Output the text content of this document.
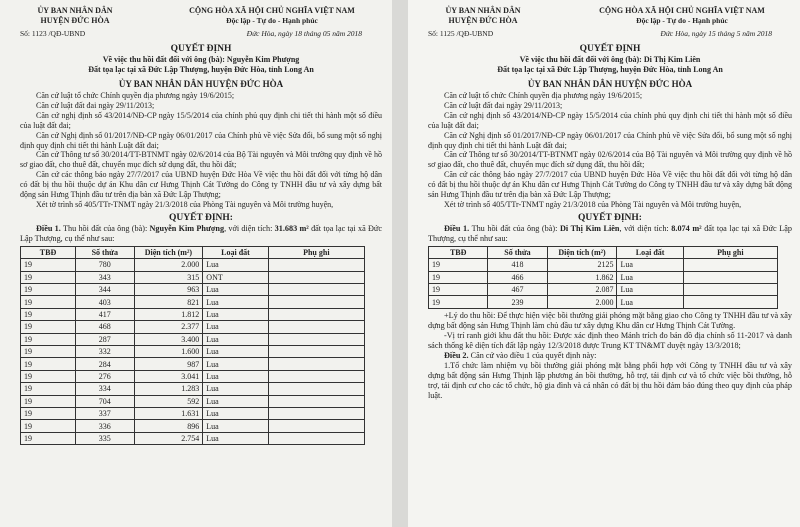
ỦY BAN NHÂN DÂN
HUYỆN ĐỨC HÒA
CỘNG HÒA XÃ HỘI CHỦ NGHĨA VIỆT NAM
Độc lập - Tự do - Hạnh phúc
Số: 1123 /QĐ-UBND	Đức Hòa, ngày 18 tháng 05 năm 2018
QUYẾT ĐỊNH
Về việc thu hồi đất đối với ông (bà): Nguyễn Kim Phượng
Đất tọa lạc tại xã Đức Lập Thượng, huyện Đức Hòa, tỉnh Long An
ỦY BAN NHÂN DÂN HUYỆN ĐỨC HÒA

Căn cứ luật tổ chức Chính quyền địa phương ngày 19/6/2015;

Căn cứ luật đất đai ngày 29/11/2013;

Căn cứ nghị định số 43/2014/NĐ-CP ngày 15/5/2014 của chính phủ quy định chi tiết thi hành một số điều của luật đất đai;

Căn cứ Nghị định số 01/2017/NĐ-CP ngày 06/01/2017 của Chính phủ về việc Sửa đổi, bổ sung một số nghị định quy định chi tiết thi hành Luật đất đai;

Căn cứ Thông tư số 30/2014/TT-BTNMT ngày 02/6/2014 của Bộ Tài nguyên và Môi trường quy định về hồ sơ giao đất, cho thuê đất, chuyển mục đích sử dụng đất, thu hồi đất;

Căn cứ các thông báo ngày 27/7/2017 của UBND huyện Đức Hòa Về việc thu hồi đất đối với từng hộ dân có đất bị thu hồi thuộc dự án Khu dân cư Hưng Thịnh Cát Tường do Công ty TNHH đầu tư và xây dựng bất động sản Hưng Thịnh đầu tư trên địa bàn xã Đức Lập Thượng;

Xét tờ trình số 405/TTr-TNMT ngày 21/3/2018 của Phòng Tài nguyên và Môi trường huyện,

QUYẾT ĐỊNH:

Điều 1. Thu hồi đất của ông (bà): Nguyễn Kim Phượng, với diện tích: 31.683 m² đất tọa lạc tại xã Đức Lập Thượng, cụ thể như sau:

TBĐ	Số thửa	Diện tích (m²)	Loại đất	Phụ ghi
19	780	2.000	Lua	
19	343	315	ONT	
19	344	963	Lua	
19	403	821	Lua	
19	417	1.812	Lua	
19	468	2.377	Lua	
19	287	3.400	Lua	
19	332	1.600	Lua	
19	284	987	Lua	
19	276	3.041	Lua	
19	334	1.283	Lua	
19	704	592	Lua	
19	337	1.631	Lua	
19	336	896	Lua	
19	335	2.754	Lua	
ỦY BAN NHÂN DÂN
HUYỆN ĐỨC HÒA
CỘNG HÒA XÃ HỘI CHỦ NGHĨA VIỆT NAM
Độc lập - Tự do - Hạnh phúc
Số: 1125 /QĐ-UBND	Đức Hòa, ngày 15 tháng 5 năm 2018
QUYẾT ĐỊNH
Về việc thu hồi đất đối với ông (bà): Di Thị Kim Liên
Đất tọa lạc tại xã Đức Lập Thượng, huyện Đức Hòa, tỉnh Long An
ỦY BAN NHÂN DÂN HUYỆN ĐỨC HÒA

Căn cứ luật tổ chức Chính quyền địa phương ngày 19/6/2015;

Căn cứ luật đất đai ngày 29/11/2013;

Căn cứ nghị định số 43/2014/NĐ-CP ngày 15/5/2014 của chính phủ quy định chi tiết thi hành một số điều của luật đất đai;

Căn cứ Nghị định số 01/2017/NĐ-CP ngày 06/01/2017 của Chính phủ về việc Sửa đổi, bổ sung một số nghị định quy định chi tiết thi hành Luật đất đai;

Căn cứ Thông tư số 30/2014/TT-BTNMT ngày 02/6/2014 của Bộ Tài nguyên và Môi trường quy định về hồ sơ giao đất, cho thuê đất, chuyển mục đích sử dụng đất, thu hồi đất;

Căn cứ các thông báo ngày 27/7/2017 của UBND huyện Đức Hòa Về việc thu hồi đất đối với từng hộ dân có đất bị thu hồi thuộc dự án Khu dân cư Hưng Thịnh Cát Tường do Công ty TNHH đầu tư và xây dựng bất động sản Hưng Thịnh đầu tư trên địa bàn xã Đức Lập Thượng;

Xét tờ trình số 405/TTr-TNMT ngày 21/3/2018 của Phòng Tài nguyên và Môi trường huyện,

QUYẾT ĐỊNH:

Điều 1. Thu hồi đất của ông (bà): Di Thị Kim Liên, với diện tích: 8.074 m² đất tọa lạc tại xã Đức Lập Thượng, cụ thể như sau:

TBĐ	Số thửa	Diện tích (m²)	Loại đất	Phụ ghi
19	418	2125	Lua	
19	466	1.862	Lua	
19	467	2.087	Lua	
19	239	2.000	Lua	

+Lý do thu hồi: Để thực hiện việc bồi thường giải phóng mặt bằng giao cho Công ty TNHH đầu tư và xây dựng bất động sản Hưng Thịnh làm chủ đầu tư xây dựng Khu dân cư Hưng Thịnh Cát Tường.

-Vị trí ranh giới khu đất thu hồi: Được xác định theo Mảnh trích đo bản đồ địa chính số 11-2017 và danh sách thống kê diện tích đất lập ngày 12/3/2018 được Trung KT TN&MT duyệt ngày 13/3/2018;

Điều 2. Căn cứ vào điều 1 của quyết định này:

1.Tổ chức làm nhiệm vụ bồi thường giải phóng mặt bằng phối hợp với Công ty TNHH đầu tư và xây dựng bất động sản Hưng Thịnh lập phương án bồi thường, hỗ trợ, tái định cư và tổ chức việc bồi thường, hỗ trợ, tái định cư cho các tổ chức, hộ gia đình và cá nhân có đất bị thu hồi đảm bảo đúng theo quy định của pháp luật.
